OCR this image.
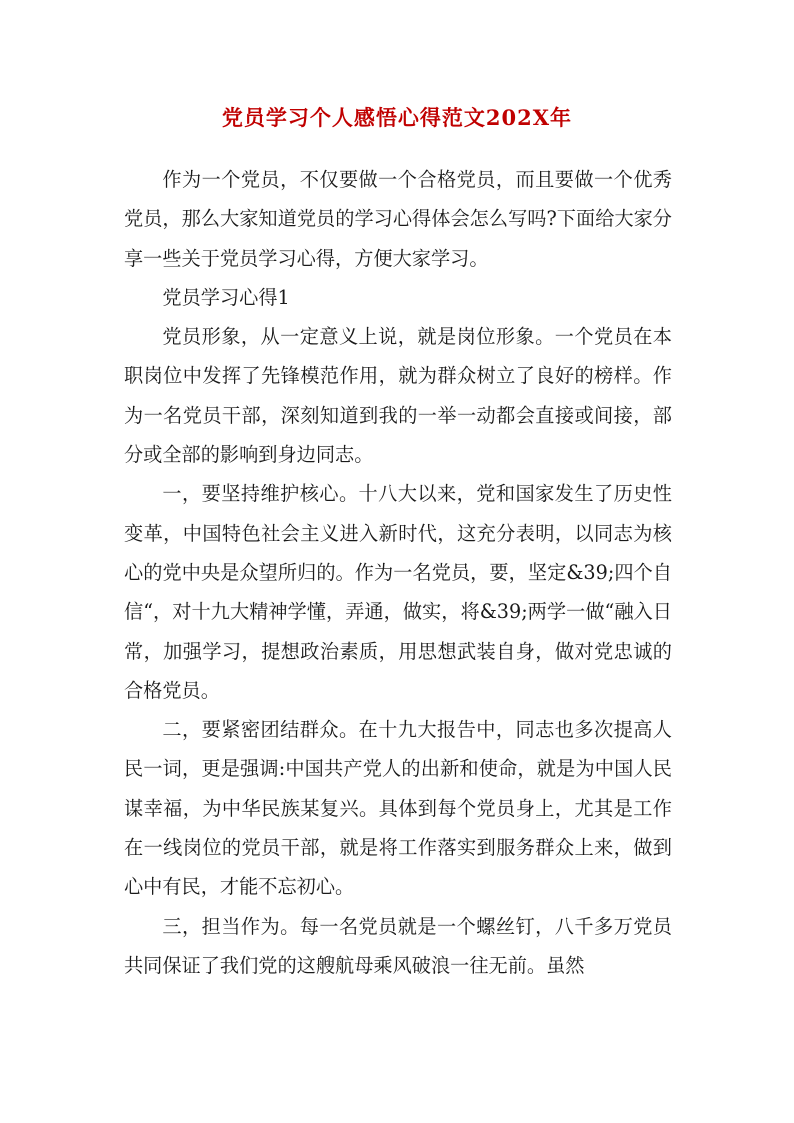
党员学习个人感悟心得范文202X年

作为一个党员，不仅要做一个合格党员，而且要做一个优秀党员，那么大家知道党员的学习心得体会怎么写吗?下面给大家分享一些关于党员学习心得，方便大家学习。

党员学习心得1

党员形象，从一定意义上说，就是岗位形象。一个党员在本职岗位中发挥了先锋模范作用，就为群众树立了良好的榜样。作为一名党员干部，深刻知道到我的一举一动都会直接或间接，部分或全部的影响到身边同志。

一，要坚持维护核心。十八大以来，党和国家发生了历史性变革，中国特色社会主义进入新时代，这充分表明，以同志为核心的党中央是众望所归的。作为一名党员，要，坚定&39;四个自信“，对十九大精神学懂，弄通，做实，将&39;两学一做“融入日常，加强学习，提想政治素质，用思想武装自身，做对党忠诚的合格党员。

二，要紧密团结群众。在十九大报告中，同志也多次提高人民一词，更是强调:中国共产党人的出新和使命，就是为中国人民谋幸福，为中华民族某复兴。具体到每个党员身上，尤其是工作在一线岗位的党员干部，就是将工作落实到服务群众上来，做到心中有民，才能不忘初心。

三，担当作为。每一名党员就是一个螺丝钉，八千多万党员共同保证了我们党的这艘航母乘风破浪一往无前。虽然
